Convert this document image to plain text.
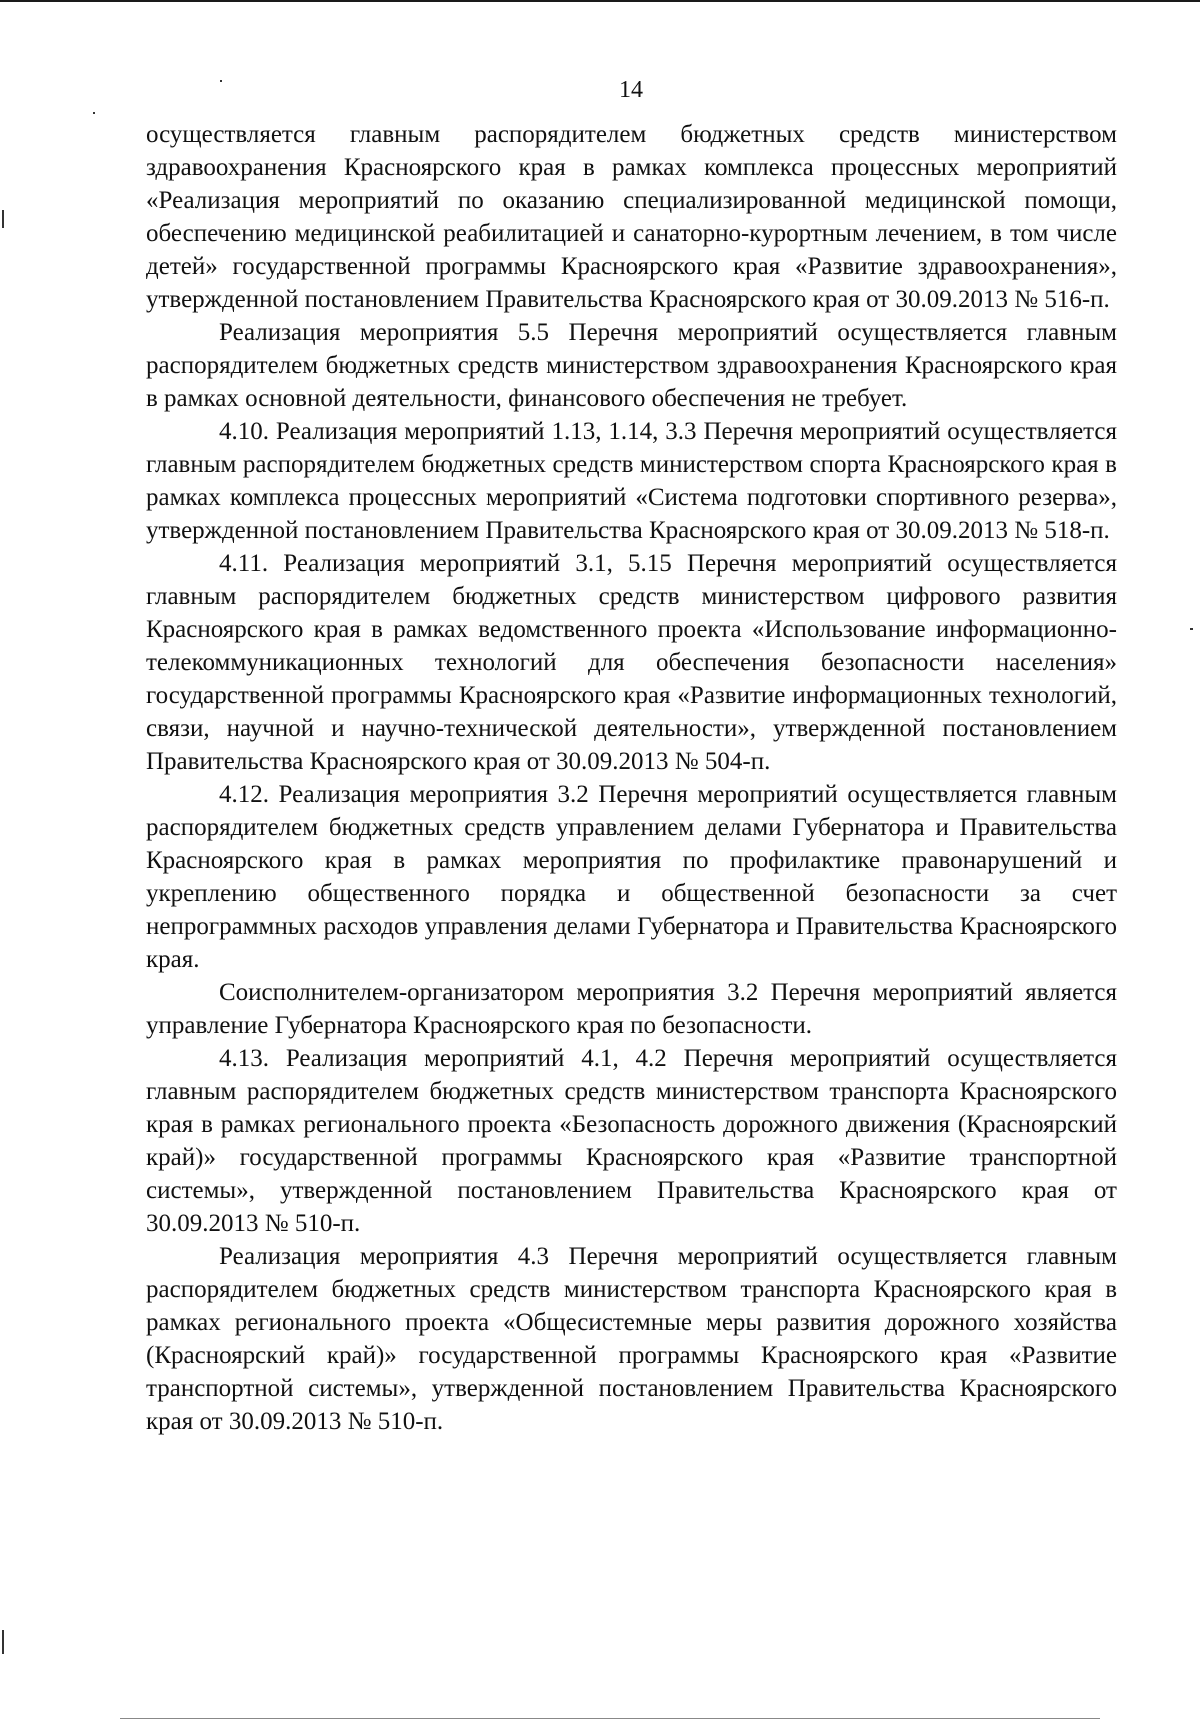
14

осуществляется главным распорядителем бюджетных средств министерством здравоохранения Красноярского края в рамках комплекса процессных мероприятий «Реализация мероприятий по оказанию специализированной медицинской помощи, обеспечению медицинской реабилитацией и санаторно-курортным лечением, в том числе детей» государственной программы Красноярского края «Развитие здравоохранения», утвержденной постановлением Правительства Красноярского края от 30.09.2013 № 516-п.

Реализация мероприятия 5.5 Перечня мероприятий осуществляется главным распорядителем бюджетных средств министерством здравоохранения Красноярского края в рамках основной деятельности, финансового обеспечения не требует.

4.10. Реализация мероприятий 1.13, 1.14, 3.3 Перечня мероприятий осуществляется главным распорядителем бюджетных средств министерством спорта Красноярского края в рамках комплекса процессных мероприятий «Система подготовки спортивного резерва», утвержденной постановлением Правительства Красноярского края от 30.09.2013 № 518-п.

4.11. Реализация мероприятий 3.1, 5.15 Перечня мероприятий осуществляется главным распорядителем бюджетных средств министерством цифрового развития Красноярского края в рамках ведомственного проекта «Использование информационно-телекоммуникационных технологий для обеспечения безопасности населения» государственной программы Красноярского края «Развитие информационных технологий, связи, научной и научно-технической деятельности», утвержденной постановлением Правительства Красноярского края от 30.09.2013 № 504-п.

4.12. Реализация мероприятия 3.2 Перечня мероприятий осуществляется главным распорядителем бюджетных средств управлением делами Губернатора и Правительства Красноярского края в рамках мероприятия по профилактике правонарушений и укреплению общественного порядка и общественной безопасности за счет непрограммных расходов управления делами Губернатора и Правительства Красноярского края.

Соисполнителем-организатором мероприятия 3.2 Перечня мероприятий является управление Губернатора Красноярского края по безопасности.

4.13. Реализация мероприятий 4.1, 4.2 Перечня мероприятий осуществляется главным распорядителем бюджетных средств министерством транспорта Красноярского края в рамках регионального проекта «Безопасность дорожного движения (Красноярский край)» государственной программы Красноярского края «Развитие транспортной системы», утвержденной постановлением Правительства Красноярского края от 30.09.2013 № 510-п.

Реализация мероприятия 4.3 Перечня мероприятий осуществляется главным распорядителем бюджетных средств министерством транспорта Красноярского края в рамках регионального проекта «Общесистемные меры развития дорожного хозяйства (Красноярский край)» государственной программы Красноярского края «Развитие транспортной системы», утвержденной постановлением Правительства Красноярского края от 30.09.2013 № 510-п.
